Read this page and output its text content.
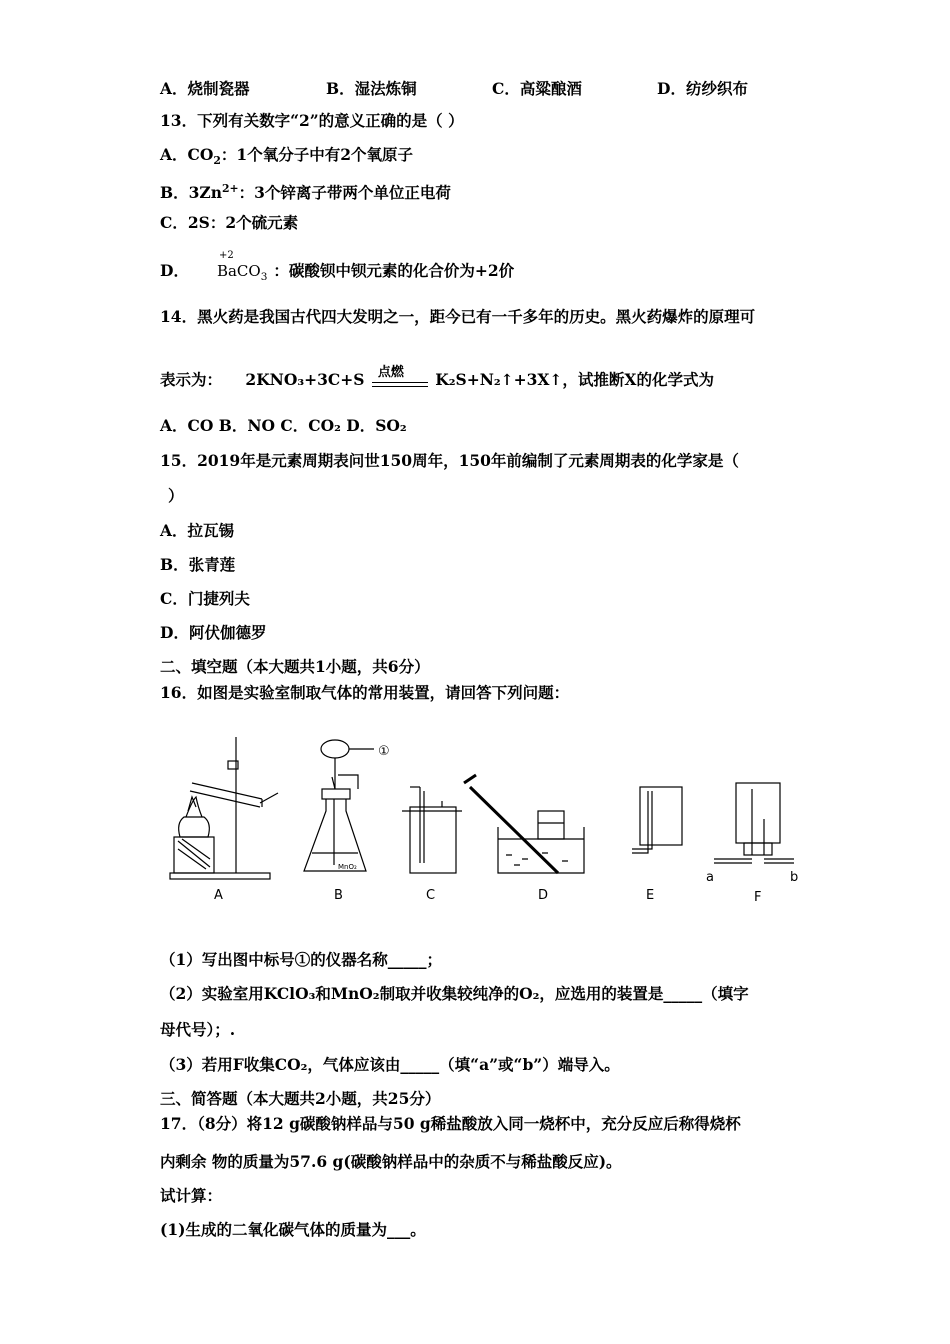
A．烧制瓷器	B．湿法炼铜	C．高粱酿酒	D．纺纱织布
13．下列有关数字“2”的意义正确的是（ ）
A．$CO_2$：1个氧分子中有2个氧原子
B．$3Zn^{2+}$：3个锌离子带两个单位正电荷
C．2S：2个硫元素
D．
+2
BaCO$_3$ ：碳酸钡中钡元素的化合价为+2价
14．黑火药是我国古代四大发明之一，距今已有一千多年的历史。黑火药爆炸的原理可
表示为： 2KNO₃+3C+S 点燃 K₂S+N₂↑+3X↑，试推断X的化学式为
A．CO B．NO C．CO₂ D．SO₂
15．2019年是元素周期表问世150周年，150年前编制了元素周期表的化学家是（
）
A．拉瓦锡
B．张青莲
C．门捷列夫
D．阿伏伽德罗
二、填空题（本大题共1小题，共6分）
16．如图是实验室制取气体的常用装置，请回答下列问题：
A	B	C	D	E	F
①
a	b
MnO₂
（1）写出图中标号①的仪器名称_____；
（2）实验室用KClO₃和MnO₂制取并收集较纯净的O₂，应选用的装置是_____（填字
母代号）；.
（3）若用F收集CO₂，气体应该由_____（填“a”或“b”）端导入。
三、简答题（本大题共2小题，共25分）
17．（8分）将12 g碳酸钠样品与50 g稀盐酸放入同一烧杯中，充分反应后称得烧杯
内剩余 物的质量为57.6 g(碳酸钠样品中的杂质不与稀盐酸反应)。
试计算：
(1)生成的二氧化碳气体的质量为___。
